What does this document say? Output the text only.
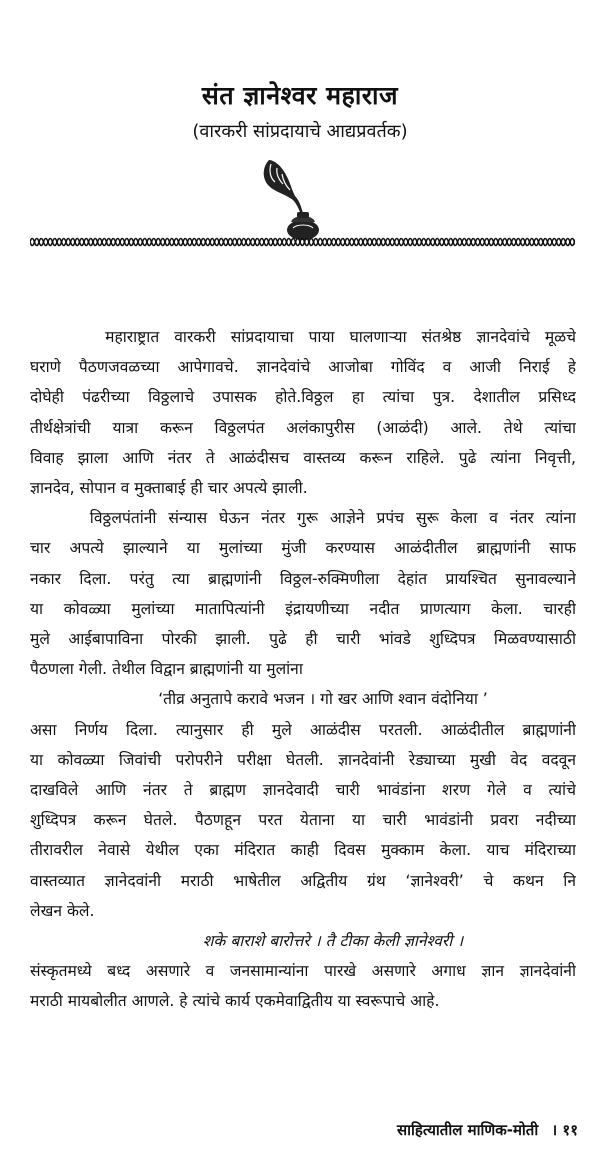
संत ज्ञानेश्वर महाराज
(वारकरी सांप्रदायाचे आद्यप्रवर्तक)

महाराष्ट्रात वारकरी सांप्रदायाचा पाया घालणाऱ्या संतश्रेष्ठ ज्ञानदेवांचे मूळचे
घराणे पैठणजवळच्या आपेगावचे. ज्ञानदेवांचे आजोबा गोविंद व आजी निराई हे
दोघेही पंढरीच्या विठ्ठलाचे उपासक होते.विठ्ठल हा त्यांचा पुत्र. देशातील प्रसिध्द
तीर्थक्षेत्रांची यात्रा करून विठ्ठलपंत अलंकापुरीस (आळंदी) आले. तेथे त्यांचा
विवाह झाला आणि नंतर ते आळंदीसच वास्तव्य करून राहिले. पुढे त्यांना निवृत्ती,
ज्ञानदेव, सोपान व मुक्ताबाई ही चार अपत्ये झाली.

विठ्ठलपंतांनी संन्यास घेऊन नंतर गुरू आज्ञेने प्रपंच सुरू केला व नंतर त्यांना
चार अपत्ये झाल्याने या मुलांच्या मुंजी करण्यास आळंदीतील ब्राह्मणांनी साफ
नकार दिला. परंतु त्या ब्राह्मणांनी विठ्ठल-रुक्मिणीला देहांत प्रायश्चित सुनावल्याने
या कोवळ्या मुलांच्या मातापित्यांनी इंद्रायणीच्या नदीत प्राणत्याग केला. चारही
मुले आईबापाविना पोरकी झाली. पुढे ही चारी भांवडे शुध्दिपत्र मिळवण्यासाठी
पैठणला गेली. तेथील विद्वान ब्राह्मणांनी या मुलांना

‘तीव्र अनुतापे करावे भजन । गो खर आणि श्वान वंदोनिया ’

असा निर्णय दिला. त्यानुसार ही मुले आळंदीस परतली. आळंदीतील ब्राह्मणांनी
या कोवळ्या जिवांची परोपरीने परीक्षा घेतली. ज्ञानदेवांनी रेड्याच्या मुखी वेद वदवून
दाखविले आणि नंतर ते ब्राह्मण ज्ञानदेवादी चारी भावंडांना शरण गेले व त्यांचे
शुध्दिपत्र करून घेतले. पैठणहून परत येताना या चारी भावंडांनी प्रवरा नदीच्या
तीरावरील नेवासे येथील एका मंदिरात काही दिवस मुक्काम केला. याच मंदिराच्या
वास्तव्यात ज्ञानेदवांनी मराठी भाषेतील अद्वितीय ग्रंथ ‘ज्ञानेश्वरी’ चे कथन नि
लेखन केले.

शके बाराशे बारोत्तरे । तै टीका केली ज्ञानेश्वरी ।

संस्कृतमध्ये बध्द असणारे व जनसामान्यांना पारखे असणारे अगाध ज्ञान ज्ञानदेवांनी
मराठी मायबोलीत आणले. हे त्यांचे कार्य एकमेवाद्वितीय या स्वरूपाचे आहे.

साहित्यातील माणिक-मोती । ११
